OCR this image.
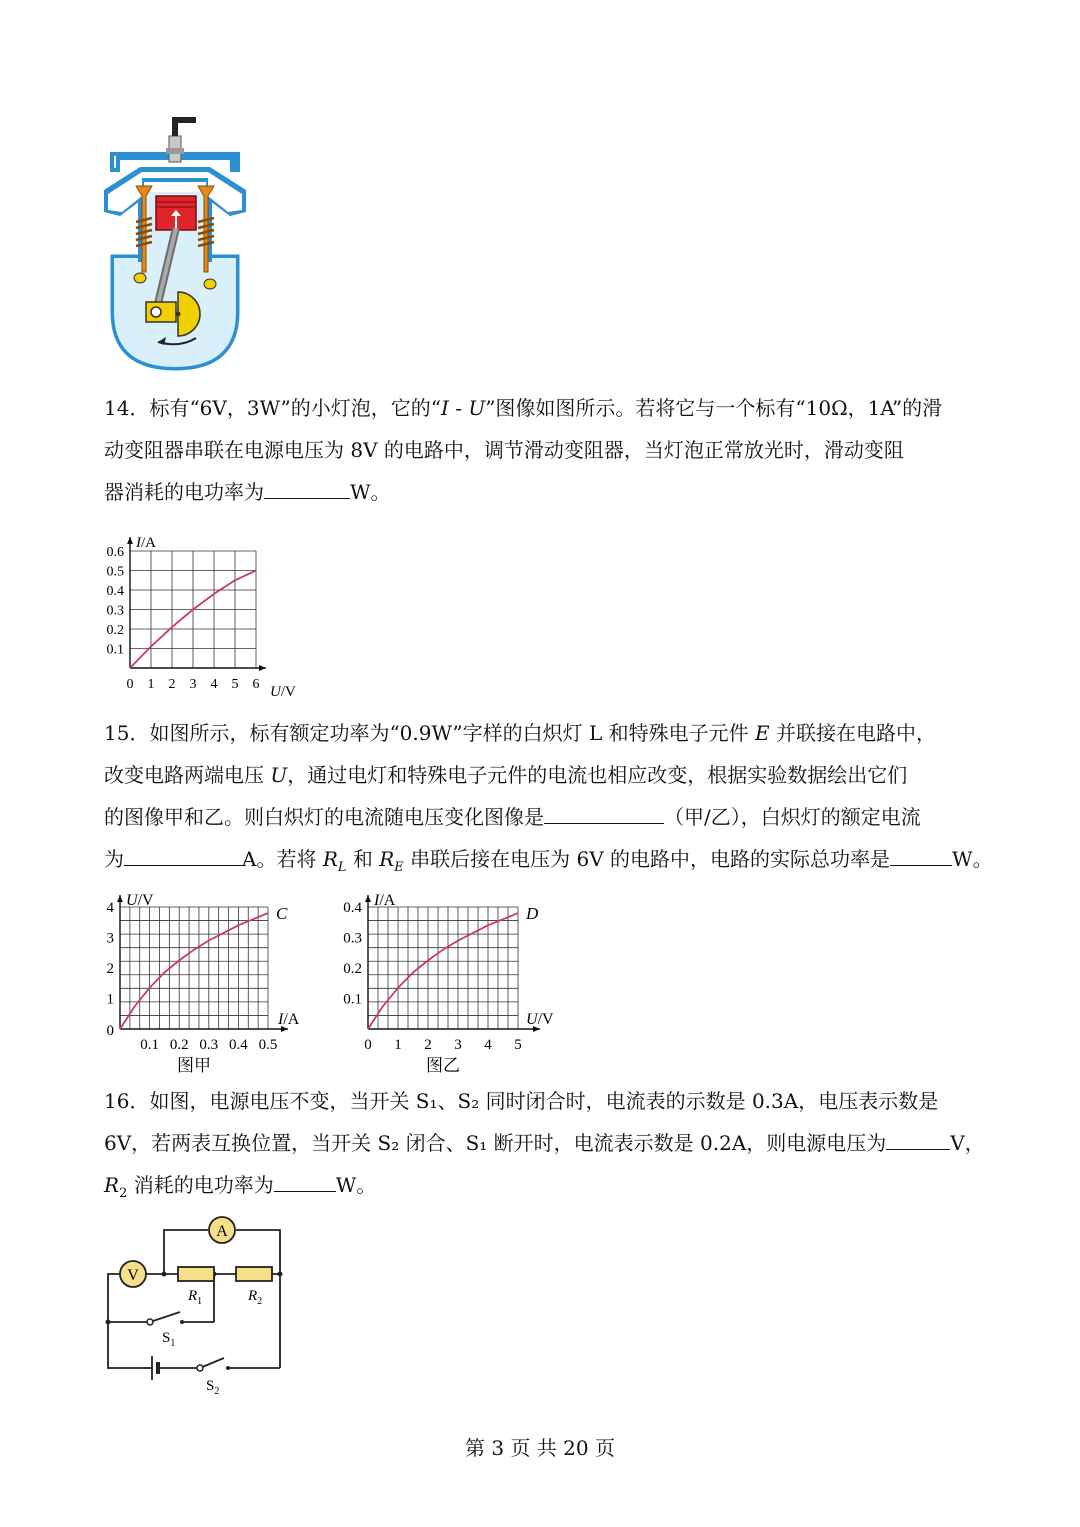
14．标有“6V，3W”的小灯泡，它的“I - U”图像如图所示。若将它与一个标有“10Ω，1A”的滑

动变阻器串联在电源电压为 8V 的电路中，调节滑动变阻器，当灯泡正常放光时，滑动变阻

器消耗的电功率为	W。

0 1 2 3 4 5 6
0.1
0.2
0.3
0.4
0.5
0.6
U/V
I/A

15．如图所示，标有额定功率为“0.9W”字样的白炽灯 L 和特殊电子元件 E 并联接在电路中，

改变电路两端电压 U，通过电灯和特殊电子元件的电流也相应改变，根据实验数据绘出它们

的图像甲和乙。则白炽灯的电流随电压变化图像是	（甲/乙），白炽灯的额定电流

为	A。若将 $R_L$ 和 $R_E$ 串联后接在电压为 6V 的电路中，电路的实际总功率是	W。

0.1 0.2 0.3 0.4 0.5
0
1
2
3
4
I/A
U/V
C
图甲
0 1 2 3 4 5
0.1
0.2
0.3
0.4
U/V
I/A
D
图乙

16．如图，电源电压不变，当开关 S₁、S₂ 同时闭合时，电流表的示数是 0.3A，电压表示数是

6V，若两表互换位置，当开关 S₂ 闭合、S₁ 断开时，电流表示数是 0.2A，则电源电压为	V，

$R_2$ 消耗的电功率为	W。

A
V
$R_1$	$R_2$
$S_1$
$S_2$
第 3 页 共 20 页
